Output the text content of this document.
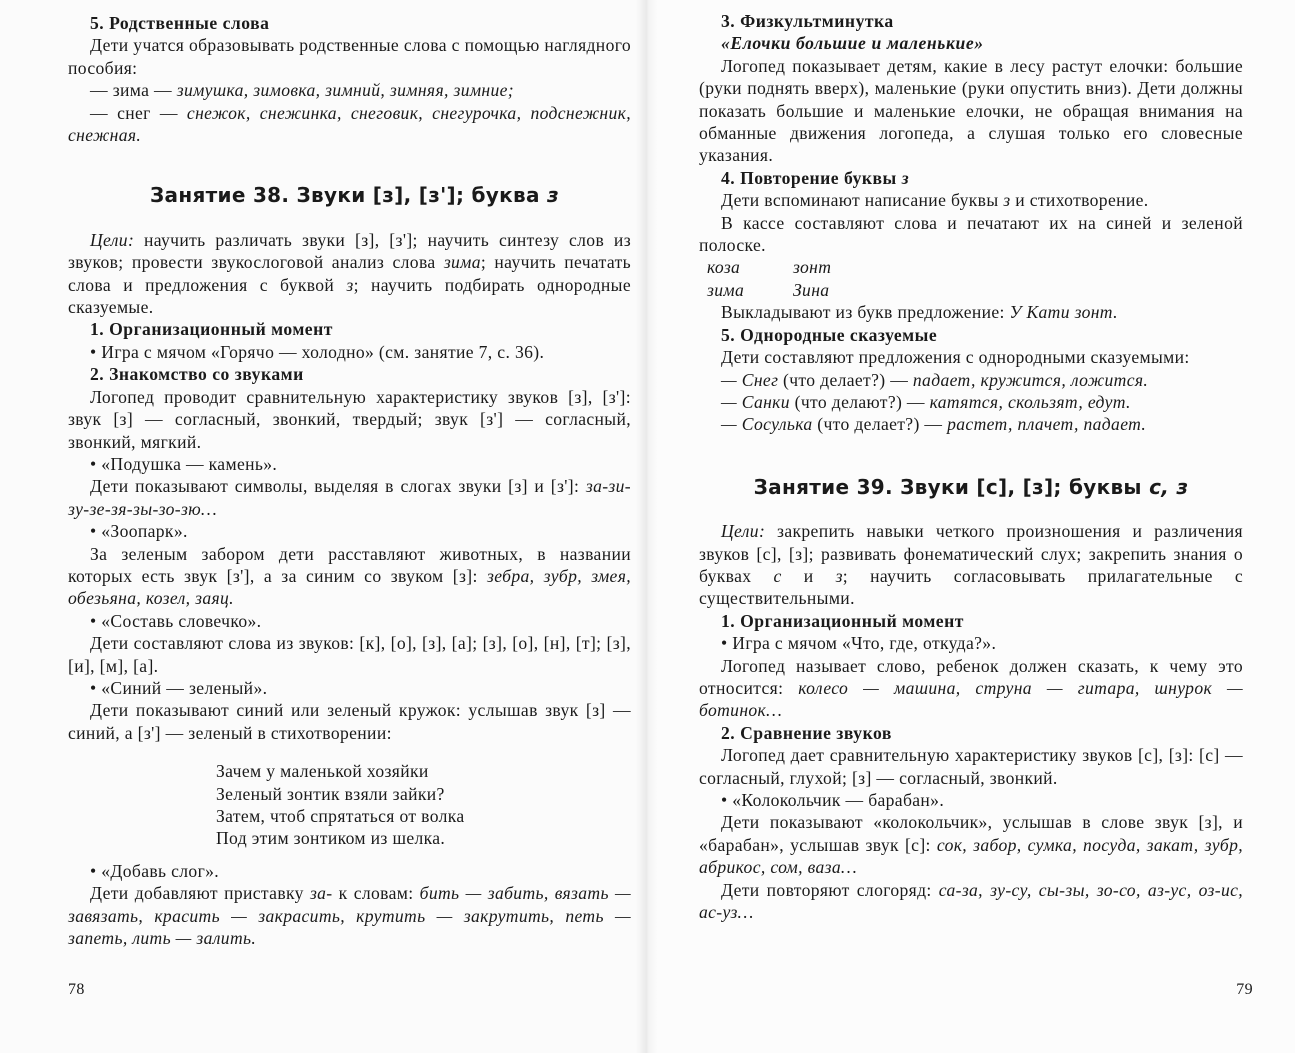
5. Родственные слова

Дети учатся образовывать родственные слова с помощью наглядного пособия:

— зима — зимушка, зимовка, зимний, зимняя, зимние;

— снег — снежок, снежинка, снеговик, снегурочка, подснежник, снежная.

Занятие 38. Звуки [з], [з']; буква з

Цели: научить различать звуки [з], [з']; научить синтезу слов из звуков; провести звукослоговой анализ слова зима; научить печатать слова и предложения с буквой з; научить подбирать однородные сказуемые.

1. Организационный момент

• Игра с мячом «Горячо — холодно» (см. занятие 7, с. 36).

2. Знакомство со звуками

Логопед проводит сравнительную характеристику звуков [з], [з']: звук [з] — согласный, звонкий, твердый; звук [з'] — согласный, звонкий, мягкий.

• «Подушка — камень».

Дети показывают символы, выделяя в слогах звуки [з] и [з']: за-зи-зу-зе-зя-зы-зо-зю…

• «Зоопарк».

За зеленым забором дети расставляют животных, в названии которых есть звук [з'], а за синим со звуком [з]: зебра, зубр, змея, обезьяна, козел, заяц.

• «Составь словечко».

Дети составляют слова из звуков: [к], [о], [з], [а]; [з], [о], [н], [т]; [з], [и], [м], [а].

• «Синий — зеленый».

Дети показывают синий или зеленый кружок: услышав звук [з] — синий, а [з'] — зеленый в стихотворении:

Зачем у маленькой хозяйки
Зеленый зонтик взяли зайки?
Затем, чтоб спрятаться от волка
Под этим зонтиком из шелка.

• «Добавь слог».

Дети добавляют приставку за- к словам: бить — забить, вязать — завязать, красить — закрасить, крутить — закрутить, петь — запеть, лить — залить.

78

3. Физкультминутка

«Елочки большие и маленькие»

Логопед показывает детям, какие в лесу растут елочки: большие (руки поднять вверх), маленькие (руки опустить вниз). Дети должны показать большие и маленькие елочки, не обращая внимания на обманные движения логопеда, а слушая только его словесные указания.

4. Повторение буквы з

Дети вспоминают написание буквы з и стихотворение.

В кассе составляют слова и печатают их на синей и зеленой полоске.

коза	зонт

зима	Зина

Выкладывают из букв предложение: У Кати зонт.

5. Однородные сказуемые

Дети составляют предложения с однородными сказуемыми:

— Снег (что делает?) — падает, кружится, ложится.

— Санки (что делают?) — катятся, скользят, едут.

— Сосулька (что делает?) — растет, плачет, падает.

Занятие 39. Звуки [с], [з]; буквы с, з

Цели: закрепить навыки четкого произношения и различения звуков [с], [з]; развивать фонематический слух; закрепить знания о буквах с и з; научить согласовывать прилагательные с существительными.

1. Организационный момент

• Игра с мячом «Что, где, откуда?».

Логопед называет слово, ребенок должен сказать, к чему это относится: колесо — машина, струна — гитара, шнурок — ботинок…

2. Сравнение звуков

Логопед дает сравнительную характеристику звуков [с], [з]: [с] — согласный, глухой; [з] — согласный, звонкий.

• «Колокольчик — барабан».

Дети показывают «колокольчик», услышав в слове звук [з], и «барабан», услышав звук [с]: сок, забор, сумка, посуда, закат, зубр, абрикос, сом, ваза…

Дети повторяют слогоряд: са-за, зу-су, сы-зы, зо-со, аз-ус, оз-ис, ас-уз…

79
